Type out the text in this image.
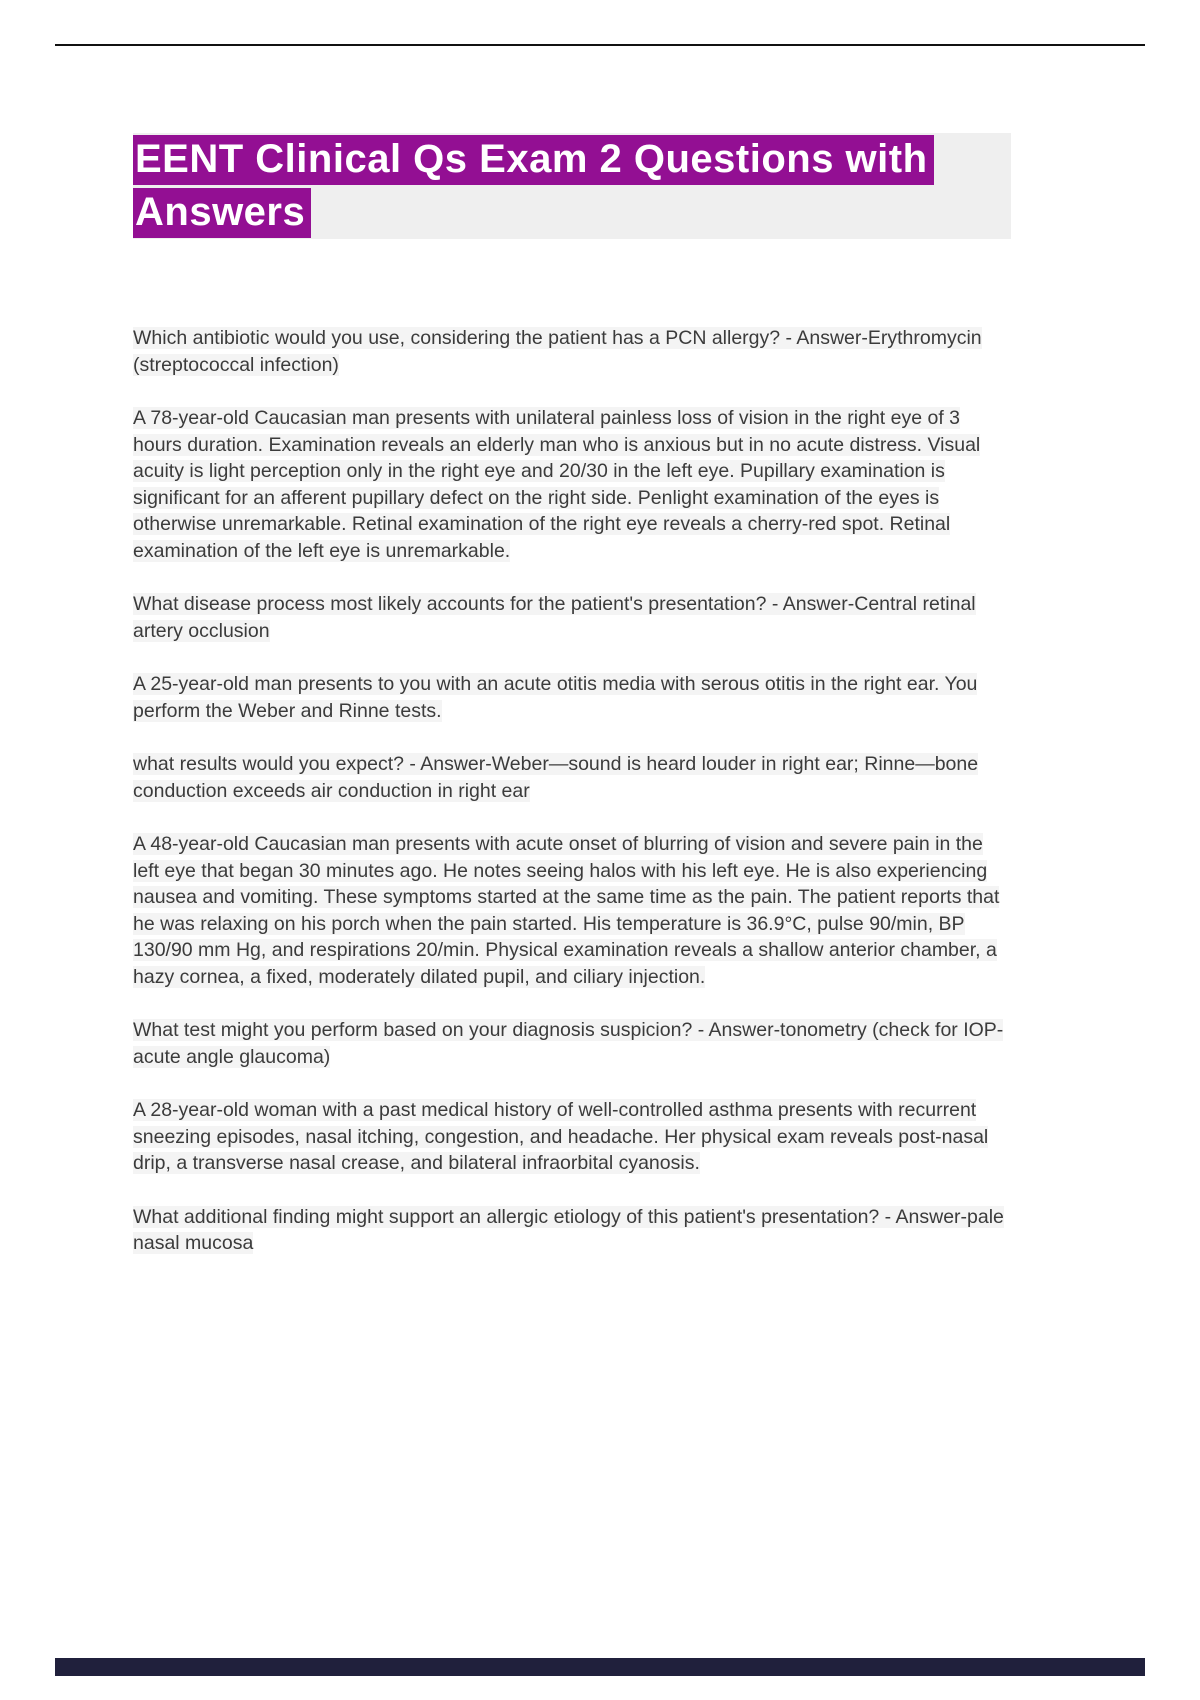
EENT Clinical Qs Exam 2 Questions with
Answers

Which antibiotic would you use, considering the patient has a PCN allergy? - Answer-Erythromycin (streptococcal infection)

A 78-year-old Caucasian man presents with unilateral painless loss of vision in the right eye of 3 hours duration. Examination reveals an elderly man who is anxious but in no acute distress. Visual acuity is light perception only in the right eye and 20/30 in the left eye. Pupillary examination is significant for an afferent pupillary defect on the right side. Penlight examination of the eyes is otherwise unremarkable. Retinal examination of the right eye reveals a cherry-red spot. Retinal examination of the left eye is unremarkable.

What disease process most likely accounts for the patient's presentation? - Answer-Central retinal artery occlusion

A 25-year-old man presents to you with an acute otitis media with serous otitis in the right ear. You perform the Weber and Rinne tests.

what results would you expect? - Answer-Weber—sound is heard louder in right ear; Rinne—bone conduction exceeds air conduction in right ear

A 48-year-old Caucasian man presents with acute onset of blurring of vision and severe pain in the left eye that began 30 minutes ago. He notes seeing halos with his left eye. He is also experiencing nausea and vomiting. These symptoms started at the same time as the pain. The patient reports that he was relaxing on his porch when the pain started. His temperature is 36.9°C, pulse 90/min, BP 130/90 mm Hg, and respirations 20/min. Physical examination reveals a shallow anterior chamber, a hazy cornea, a fixed, moderately dilated pupil, and ciliary injection.

What test might you perform based on your diagnosis suspicion? - Answer-tonometry (check for IOP- acute angle glaucoma)

A 28-year-old woman with a past medical history of well-controlled asthma presents with recurrent sneezing episodes, nasal itching, congestion, and headache. Her physical exam reveals post-nasal drip, a transverse nasal crease, and bilateral infraorbital cyanosis.

What additional finding might support an allergic etiology of this patient's presentation? - Answer-pale nasal mucosa
